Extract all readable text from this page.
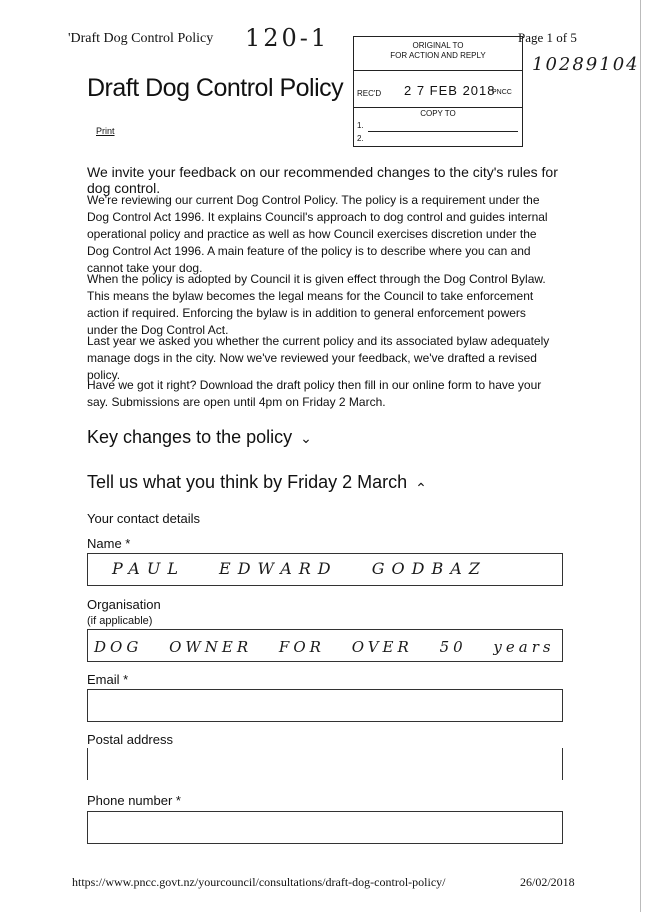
'Draft Dog Control Policy 120-1	Page 1 of 5
10289104
ORIGINAL TO
FOR ACTION AND REPLY
REC'D 2 7 FEB 2018
PNCC
COPY TO
1.
2.
Draft Dog Control Policy
Print
We invite your feedback on our recommended changes to the city's rules for dog control.
We're reviewing our current Dog Control Policy. The policy is a requirement under the Dog Control Act 1996. It explains Council's approach to dog control and guides internal operational policy and practice as well as how Council exercises discretion under the Dog Control Act 1996. A main feature of the policy is to describe where you can and cannot take your dog.
When the policy is adopted by Council it is given effect through the Dog Control Bylaw. This means the bylaw becomes the legal means for the Council to take enforcement action if required. Enforcing the bylaw is in addition to general enforcement powers under the Dog Control Act.
Last year we asked you whether the current policy and its associated bylaw adequately manage dogs in the city. Now we've reviewed your feedback, we've drafted a revised policy.
Have we got it right? Download the draft policy then fill in our online form to have your say. Submissions are open until 4pm on Friday 2 March.
Key changes to the policy ⌄
Tell us what you think by Friday 2 March ⌃
Your contact details
Name *
PAUL EDWARD GODBAZ
Organisation
(if applicable)
DOG OWNER FOR OVER 50 years
Email *
Postal address
Phone number *
https://www.pncc.govt.nz/yourcouncil/consultations/draft-dog-control-policy/	26/02/2018
